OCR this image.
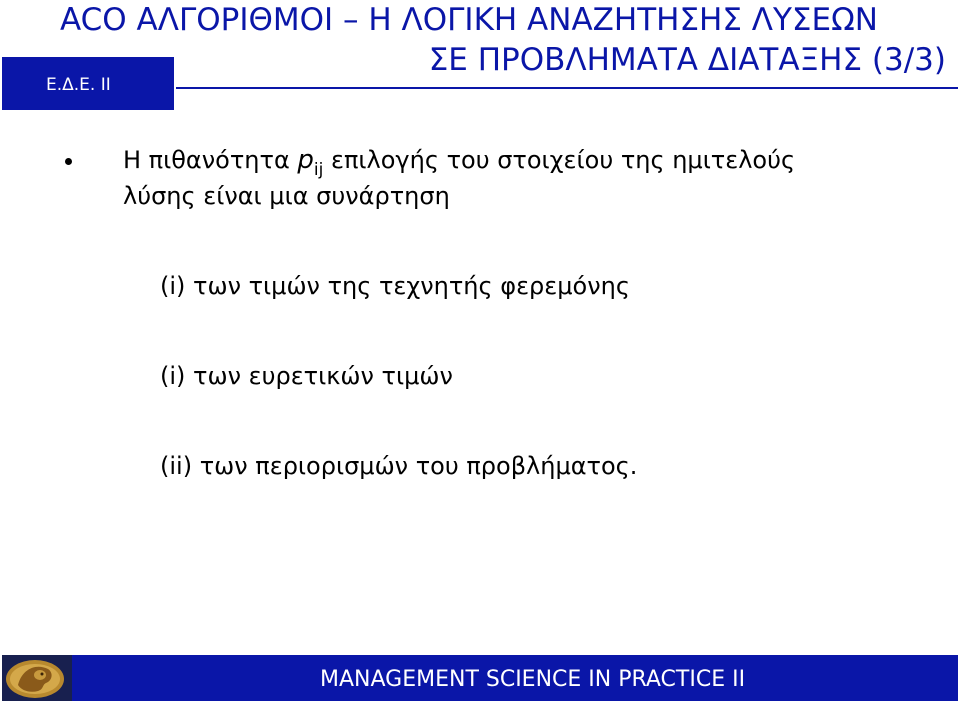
ACO ΑΛΓΟΡΙΘΜΟΙ – Η ΛΟΓΙΚΗ ΑΝΑΖΗΤΗΣΗΣ ΛΥΣΕΩΝ
ΣΕ ΠΡΟΒΛΗΜΑΤΑ ΔΙΑΤΑΞΗΣ (3/3)
Ε.Δ.Ε. ΙΙ
Η πιθανότητα $p_{ij}$ επιλογής του στοιχείου της ημιτελούς
λύσης είναι μια συνάρτηση
(i) των τιμών της τεχνητής φερεμόνης
(i) των ευρετικών τιμών
(ii) των περιορισμών του προβλήματος.
MANAGEMENT SCIENCE IN PRACTICE II
